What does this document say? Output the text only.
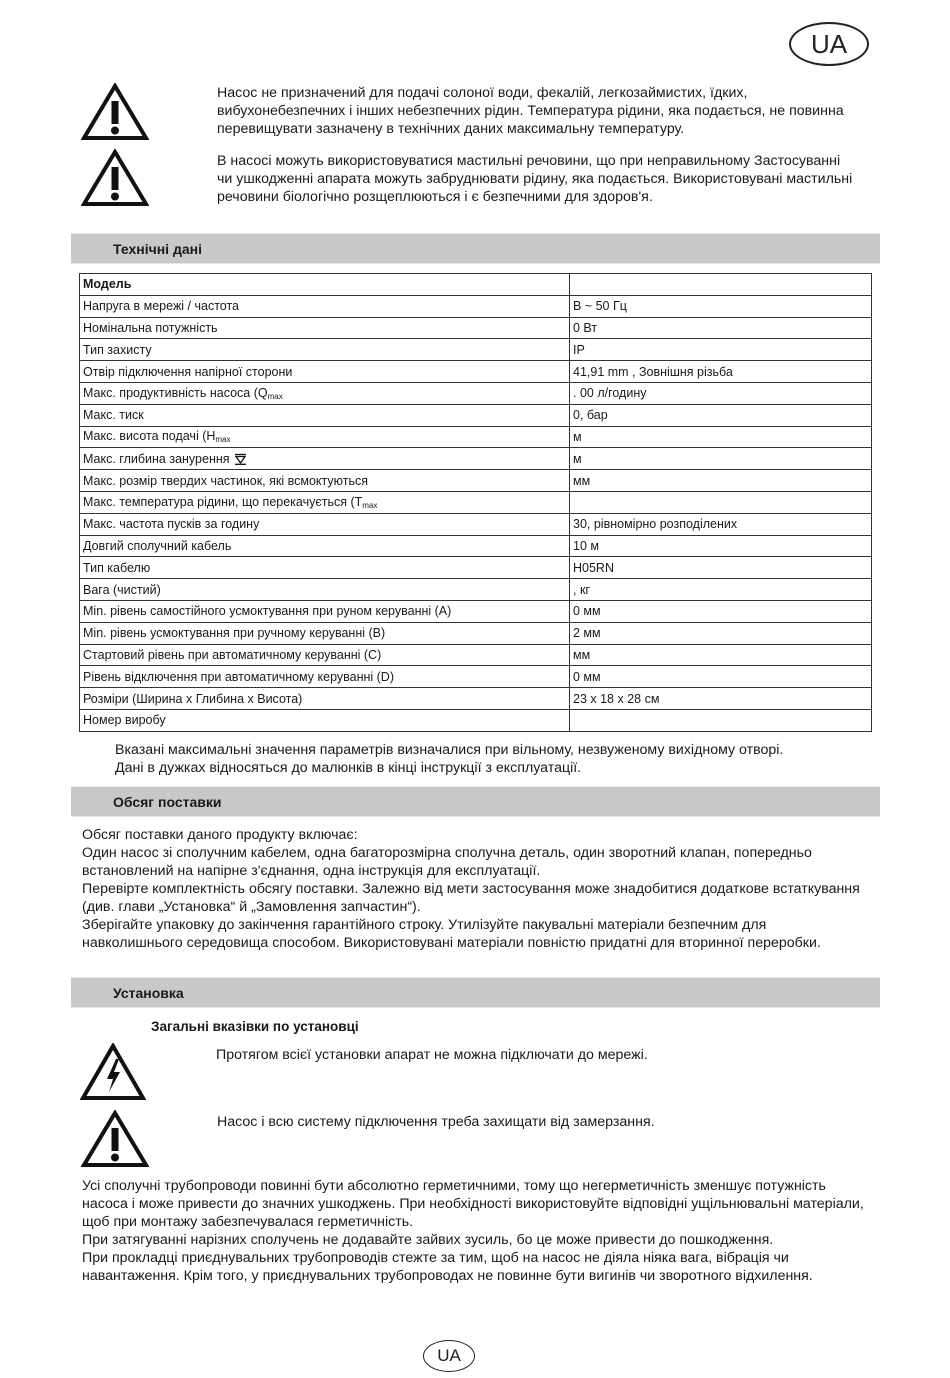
UA
Насос не призначений для подачі солоної води, фекалій, легкозаймистих, їдких, вибухонебезпечних і інших небезпечних рідин. Температура рідини, яка подається, не повинна перевищувати зазначену в технічних даних максимальну температуру.
В насосі можуть використовуватися мастильні речовини, що при неправильному Застосуванні чи ушкодженні апарата можуть забруднювати рідину, яка подається. Використовувані мастильні речовини біологічно розщеплюються і є безпечними для здоров'я.
Технічні дані
Модель	
Напруга в мережі / частота	В ~ 50 Гц
Номінальна потужність	0 Вт
Тип захисту	IP
Отвір підключення напірної сторони	41,91 mm , Зовнішня різьба
Макс. продуктивність насоса ($Q_{max}$	. 00 л/годину
Макс. тиск	0, бар
Макс. висота подачі ($H_{max}$	м
Макс. глибина занурення	м
Макс. розмір твердих частинок, які всмоктуються	мм
Макс. температура рідини, що перекачується ($T_{max}$	
Макс. частота пусків за годину	30, рівномірно розподілених
Довгий сполучний кабель	10 м
Тип кабелю	H05RN
Вага (чистий)	, кг
Min. рівень самостійного усмоктування при руном керуванні (A)	0 мм
Min. рівень усмоктування при ручному керуванні (B)	2 мм
Стартовий рівень при автоматичному керуванні (C)	мм
Рівень відключення при автоматичному керуванні (D)	0 мм
Розміри (Ширина x Глибина x Висота)	23 x 18 x 28 см
Номер виробу	

Вказані максимальні значення параметрів визначалися при вільному, незвуженому вихідному отворі.

Дані в дужках відносяться до малюнків в кінці інструкції з експлуатації.

Обсяг поставки

Обсяг поставки даного продукту включає:

Один насос зі сполучним кабелем, одна багаторозмірна сполучна деталь, один зворотний клапан, попередньо встановлений на напірне з'єднання, одна інструкція для експлуатації.

Перевірте комплектність обсягу поставки. Залежно від мети застосування може знадобитися додаткове встаткування (див. глави „Установка“ й „Замовлення запчастин“).

Зберігайте упаковку до закінчення гарантійного строку. Утилізуйте пакувальні матеріали безпечним для навколишнього середовища способом. Використовувані матеріали повністю придатні для вторинної переробки.

Установка
Загальні вказівки по установці
Протягом всієї установки апарат не можна підключати до мережі.
Насос і всю систему підключення треба захищати від замерзання.

Усі сполучні трубопроводи повинні бути абсолютно герметичними, тому що негерметичність зменшує потужність насоса і може привести до значних ушкоджень. При необхідності використовуйте відповідні ущільнювальні матеріали, щоб при монтажу забезпечувалася герметичність.

При затягуванні нарізних сполучень не додавайте зайвих зусиль, бо це може привести до пошкодження.

При прокладці приєднувальних трубопроводів стежте за тим, щоб на насос не діяла ніяка вага, вібрація чи навантаження. Крім того, у приєднувальних трубопроводах не повинне бути вигинів чи зворотного відхилення.

UA
